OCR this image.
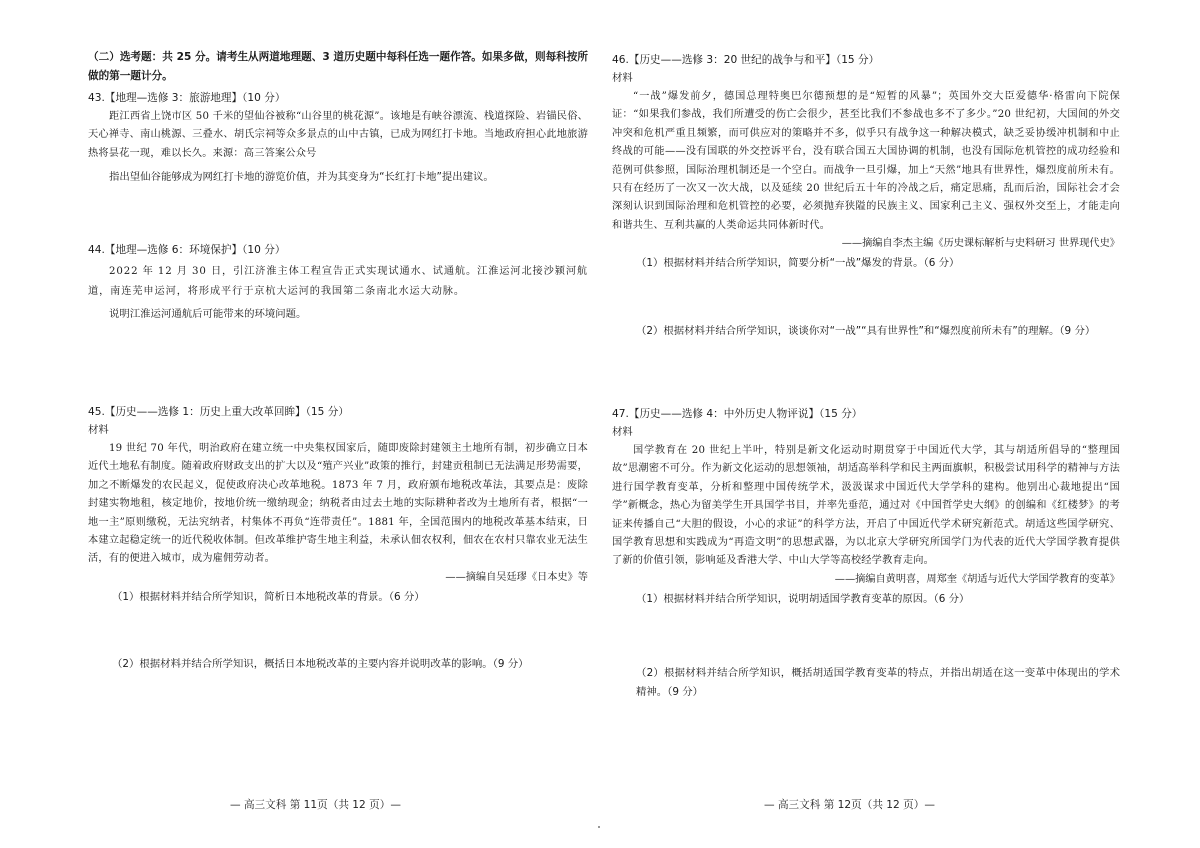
（二）选考题：共 25 分。请考生从两道地理题、3 道历史题中每科任选一题作答。如果多做，则每科按所做的第一题计分。

43.【地理—选修 3：旅游地理】（10 分）

距江西省上饶市区 50 千米的望仙谷被称“山谷里的桃花源”。该地是有峡谷漂流、栈道探险、岩锚民俗、天心禅寺、南山桃源、三叠水、胡氏宗祠等众多景点的山中古镇，已成为网红打卡地。当地政府担心此地旅游热将昙花一现，难以长久。来源：高三答案公众号

指出望仙谷能够成为网红打卡地的游览价值，并为其变身为“长红打卡地”提出建议。

44.【地理—选修 6：环境保护】（10 分）

2022 年 12 月 30 日，引江济淮主体工程宣告正式实现试通水、试通航。江淮运河北接沙颍河航道，南连芜申运河，将形成平行于京杭大运河的我国第二条南北水运大动脉。

说明江淮运河通航后可能带来的环境问题。

45.【历史——选修 1：历史上重大改革回眸】（15 分）

材料

19 世纪 70 年代，明治政府在建立统一中央集权国家后，随即废除封建领主土地所有制，初步确立日本近代土地私有制度。随着政府财政支出的扩大以及“殖产兴业”政策的推行，封建贡租制已无法满足形势需要，加之不断爆发的农民起义，促使政府决心改革地税。1873 年 7 月，政府颁布地税改革法，其要点是：废除封建实物地租，核定地价，按地价统一缴纳现金；纳税者由过去土地的实际耕种者改为土地所有者，根据“一地一主”原则缴税，无法究纳者，村集体不再负“连带责任”。1881 年，全国范围内的地税改革基本结束，日本建立起稳定统一的近代税收体制。但改革维护寄生地主利益，未承认佃农权利，佃农在农村只靠农业无法生活，有的便进入城市，成为雇佣劳动者。

——摘编自吴廷璆《日本史》等

（1）根据材料并结合所学知识，简析日本地税改革的背景。（6 分）

（2）根据材料并结合所学知识，概括日本地税改革的主要内容并说明改革的影响。（9 分）

— 高三文科 第 11页（共 12 页）—

46.【历史——选修 3：20 世纪的战争与和平】（15 分）

材料

“一战”爆发前夕，德国总理特奥巴尔德预想的是“短暂的风暴”；英国外交大臣爱德华·格雷向下院保证：“如果我们参战，我们所遭受的伤亡会很少，甚至比我们不参战也多不了多少。”20 世纪初，大国间的外交冲突和危机严重且频繁，而可供应对的策略并不多，似乎只有战争这一种解决模式，缺乏妥协缓冲机制和中止终战的可能——没有国联的外交控诉平台，没有联合国五大国协调的机制，也没有国际危机管控的成功经验和范例可供参照，国际治理机制还是一个空白。而战争一旦引爆，加上“天然”地具有世界性，爆烈度前所未有。只有在经历了一次又一次大战，以及延续 20 世纪后五十年的冷战之后，痛定思痛，乱而后治，国际社会才会深刻认识到国际治理和危机管控的必要，必须抛弃狭隘的民族主义、国家利己主义、强权外交至上，才能走向和谐共生、互利共赢的人类命运共同体新时代。

——摘编自李杰主编《历史课标解析与史料研习 世界现代史》

（1）根据材料并结合所学知识，简要分析“一战”爆发的背景。（6 分）

（2）根据材料并结合所学知识，谈谈你对“一战”“具有世界性”和“爆烈度前所未有”的理解。（9 分）

47.【历史——选修 4：中外历史人物评说】（15 分）

材料

国学教育在 20 世纪上半叶，特别是新文化运动时期贯穿于中国近代大学，其与胡适所倡导的“整理国故”思潮密不可分。作为新文化运动的思想领袖，胡适高举科学和民主两面旗帜，积极尝试用科学的精神与方法进行国学教育变革，分析和整理中国传统学术，汲汲谋求中国近代大学学科的建构。他别出心裁地提出“国学”新概念，热心为留美学生开具国学书目，并率先垂范，通过对《中国哲学史大纲》的创编和《红楼梦》的考证来传播自己“大胆的假设，小心的求证”的科学方法，开启了中国近代学术研究新范式。胡适这些国学研究、国学教育思想和实践成为“再造文明”的思想武器，为以北京大学研究所国学门为代表的近代大学国学教育提供了新的价值引领，影响延及香港大学、中山大学等高校经学教育走向。

——摘编自黄明喜，周郑奎《胡适与近代大学国学教育的变革》

（1）根据材料并结合所学知识，说明胡适国学教育变革的原因。（6 分）

（2）根据材料并结合所学知识，概括胡适国学教育变革的特点，并指出胡适在这一变革中体现出的学术精神。（9 分）

— 高三文科 第 12页（共 12 页）—
